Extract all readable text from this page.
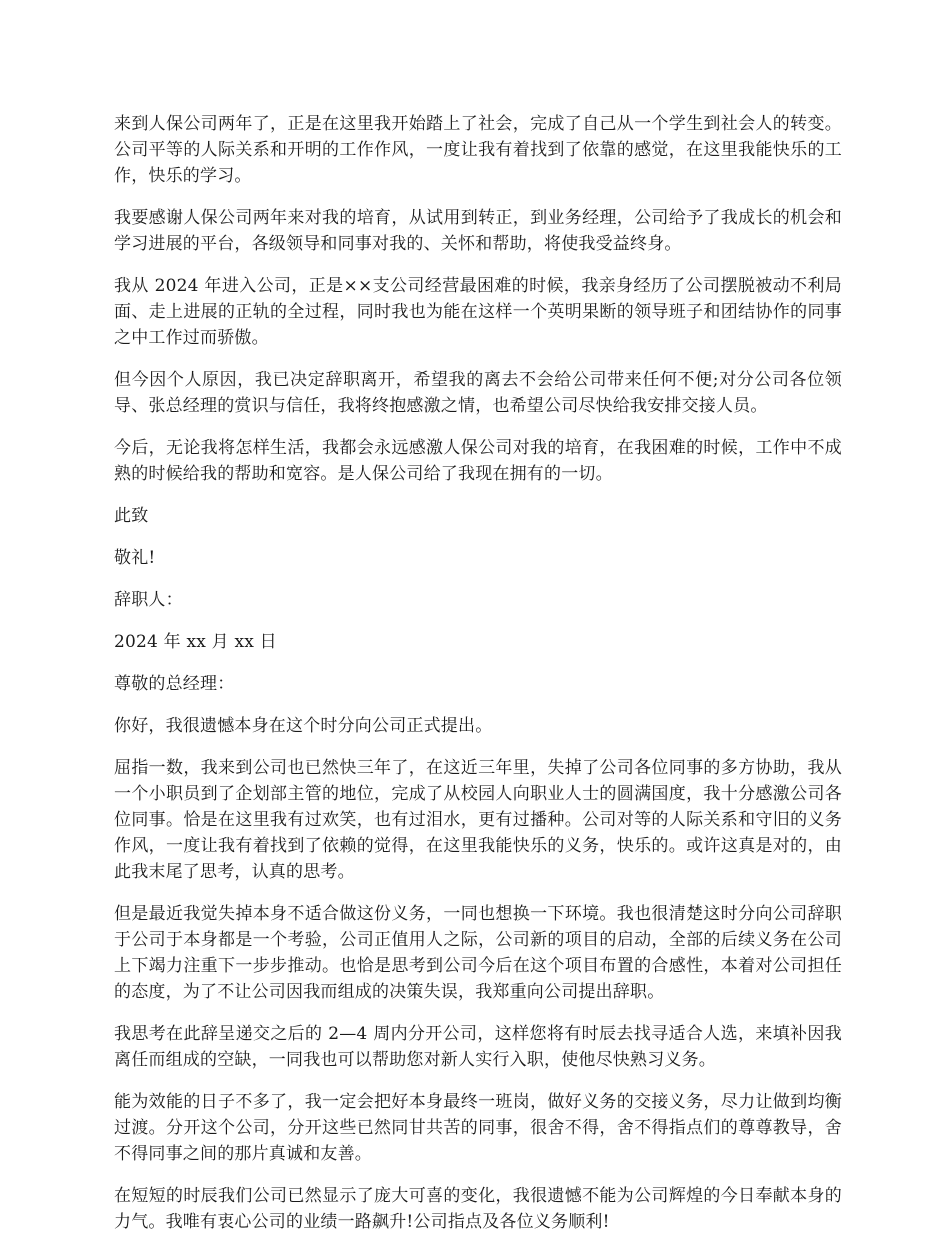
来到人保公司两年了，正是在这里我开始踏上了社会，完成了自己从一个学生到社会人的转变。公司平等的人际关系和开明的工作作风，一度让我有着找到了依靠的感觉，在这里我能快乐的工作，快乐的学习。

我要感谢人保公司两年来对我的培育，从试用到转正，到业务经理，公司给予了我成长的机会和学习进展的平台，各级领导和同事对我的、关怀和帮助，将使我受益终身。

我从 2024 年进入公司，正是××支公司经营最困难的时候，我亲身经历了公司摆脱被动不利局面、走上进展的正轨的全过程，同时我也为能在这样一个英明果断的领导班子和团结协作的同事之中工作过而骄傲。

但今因个人原因，我已决定辞职离开，希望我的离去不会给公司带来任何不便;对分公司各位领导、张总经理的赏识与信任，我将终抱感激之情，也希望公司尽快给我安排交接人员。

今后，无论我将怎样生活，我都会永远感激人保公司对我的培育，在我困难的时候，工作中不成熟的时候给我的帮助和宽容。是人保公司给了我现在拥有的一切。

此致

敬礼!

辞职人：

2024 年 xx 月 xx 日

尊敬的总经理：

你好，我很遗憾本身在这个时分向公司正式提出。

屈指一数，我来到公司也已然快三年了，在这近三年里，失掉了公司各位同事的多方协助，我从一个小职员到了企划部主管的地位，完成了从校园人向职业人士的圆满国度，我十分感激公司各位同事。恰是在这里我有过欢笑，也有过泪水，更有过播种。公司对等的人际关系和守旧的义务作风，一度让我有着找到了依赖的觉得，在这里我能快乐的义务，快乐的。或许这真是对的，由此我末尾了思考，认真的思考。

但是最近我觉失掉本身不适合做这份义务，一同也想换一下环境。我也很清楚这时分向公司辞职于公司于本身都是一个考验，公司正值用人之际，公司新的项目的启动，全部的后续义务在公司上下竭力注重下一步步推动。也恰是思考到公司今后在这个项目布置的合感性，本着对公司担任的态度，为了不让公司因我而组成的决策失误，我郑重向公司提出辞职。

我思考在此辞呈递交之后的 2—4 周内分开公司，这样您将有时辰去找寻适合人选，来填补因我离任而组成的空缺，一同我也可以帮助您对新人实行入职，使他尽快熟习义务。

能为效能的日子不多了，我一定会把好本身最终一班岗，做好义务的交接义务，尽力让做到均衡过渡。分开这个公司，分开这些已然同甘共苦的同事，很舍不得，舍不得指点们的尊尊教导，舍不得同事之间的那片真诚和友善。

在短短的时辰我们公司已然显示了庞大可喜的变化，我很遗憾不能为公司辉煌的今日奉献本身的力气。我唯有衷心公司的业绩一路飙升!公司指点及各位义务顺利!
